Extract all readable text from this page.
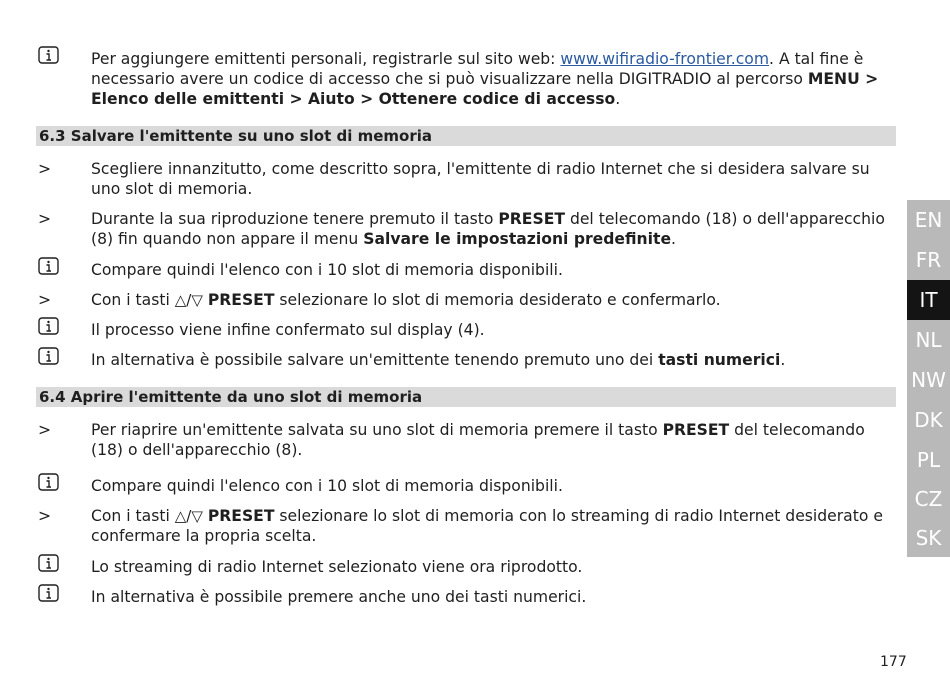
Per aggiungere emittenti personali, registrarle sul sito web: www.wifiradio-frontier.com. A tal fine è necessario avere un codice di accesso che si può visualizzare nella DIGITRADIO al percorso MENU > Elenco delle emittenti > Aiuto > Ottenere codice di accesso.
6.3 Salvare l'emittente su uno slot di memoria
>	Scegliere innanzitutto, come descritto sopra, l'emittente di radio Internet che si desidera salvare su uno slot di memoria.
>	Durante la sua riproduzione tenere premuto il tasto PRESET del telecomando (18) o dell'apparecchio (8) fin quando non appare il menu Salvare le impostazioni predefinite.
Compare quindi l'elenco con i 10 slot di memoria disponibili.
>	Con i tasti △/▽ PRESET selezionare lo slot di memoria desiderato e confermarlo.
Il processo viene infine confermato sul display (4).
In alternativa è possibile salvare un'emittente tenendo premuto uno dei tasti numerici.
6.4 Aprire l'emittente da uno slot di memoria
>	Per riaprire un'emittente salvata su uno slot di memoria premere il tasto PRESET del telecomando (18) o dell'apparecchio (8).
Compare quindi l'elenco con i 10 slot di memoria disponibili.
>	Con i tasti △/▽ PRESET selezionare lo slot di memoria con lo streaming di radio Internet desiderato e confermare la propria scelta.
Lo streaming di radio Internet selezionato viene ora riprodotto.
In alternativa è possibile premere anche uno dei tasti numerici.
EN
FR
IT
NL
NW
DK
PL
CZ
SK
177
